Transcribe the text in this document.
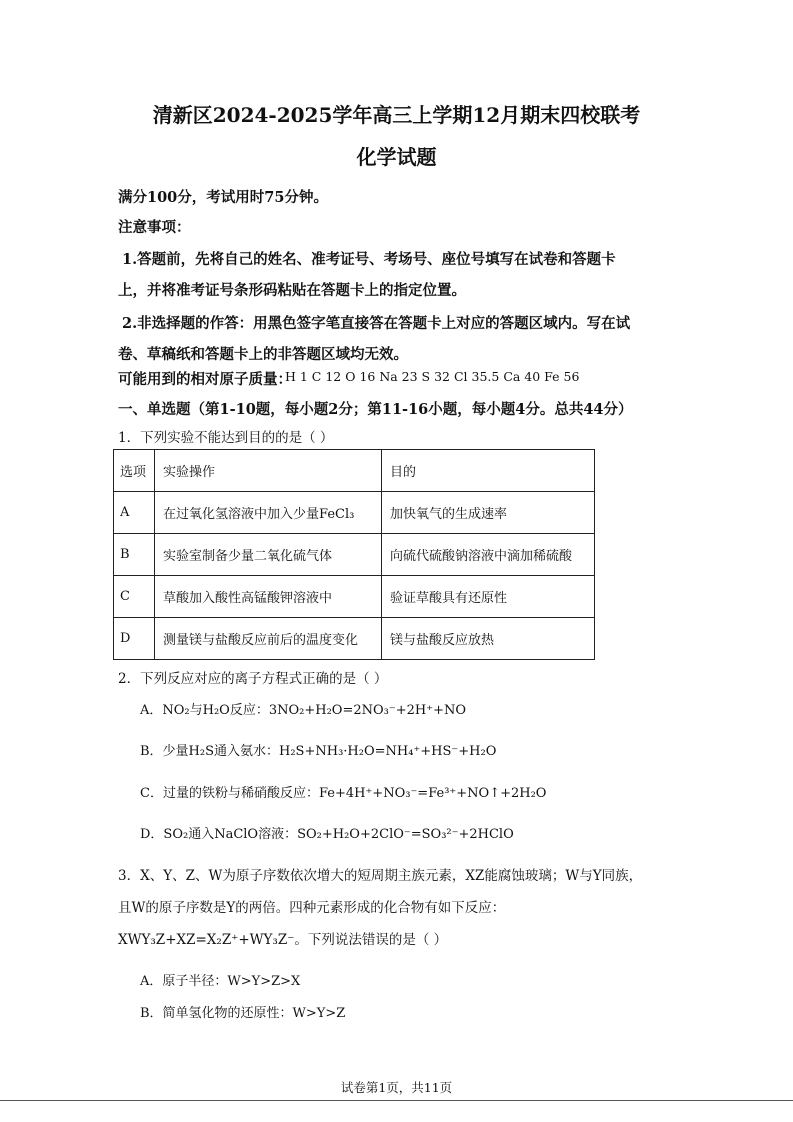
清新区2024-2025学年高三上学期12月期末四校联考
化学试题
满分100分，考试用时75分钟。
注意事项：
1.答题前，先将自己的姓名、准考证号、考场号、座位号填写在试卷和答题卡
上，并将准考证号条形码粘贴在答题卡上的指定位置。
2.非选择题的作答：用黑色签字笔直接答在答题卡上对应的答题区域内。写在试
卷、草稿纸和答题卡上的非答题区域均无效。
可能用到的相对原子质量：
H 1 C 12 O 16 Na 23 S 32 Cl 35.5 Ca 40 Fe 56
一、单选题（第1-10题，每小题2分；第11-16小题，每小题4分。总共44分）
1．下列实验不能达到目的的是（ ）
选项	实验操作	目的
A	在过氧化氢溶液中加入少量FeCl₃	加快氧气的生成速率
B	实验室制备少量二氧化硫气体	向硫代硫酸钠溶液中滴加稀硫酸
C	草酸加入酸性高锰酸钾溶液中	验证草酸具有还原性
D	测量镁与盐酸反应前后的温度变化	镁与盐酸反应放热
2．下列反应对应的离子方程式正确的是（ ）
A．NO₂与H₂O反应：3NO₂+H₂O=2NO₃⁻+2H⁺+NO
B．少量H₂S通入氨水：H₂S+NH₃·H₂O=NH₄⁺+HS⁻+H₂O
C．过量的铁粉与稀硝酸反应：Fe+4H⁺+NO₃⁻=Fe³⁺+NO↑+2H₂O
D．SO₂通入NaClO溶液：SO₂+H₂O+2ClO⁻=SO₃²⁻+2HClO
3．X、Y、Z、W为原子序数依次增大的短周期主族元素，XZ能腐蚀玻璃；W与Y同族，
且W的原子序数是Y的两倍。四种元素形成的化合物有如下反应：
XWY₃Z+XZ=X₂Z⁺+WY₃Z⁻。下列说法错误的是（ ）
A．原子半径：W>Y>Z>X
B．简单氢化物的还原性：W>Y>Z
试卷第1页，共11页
